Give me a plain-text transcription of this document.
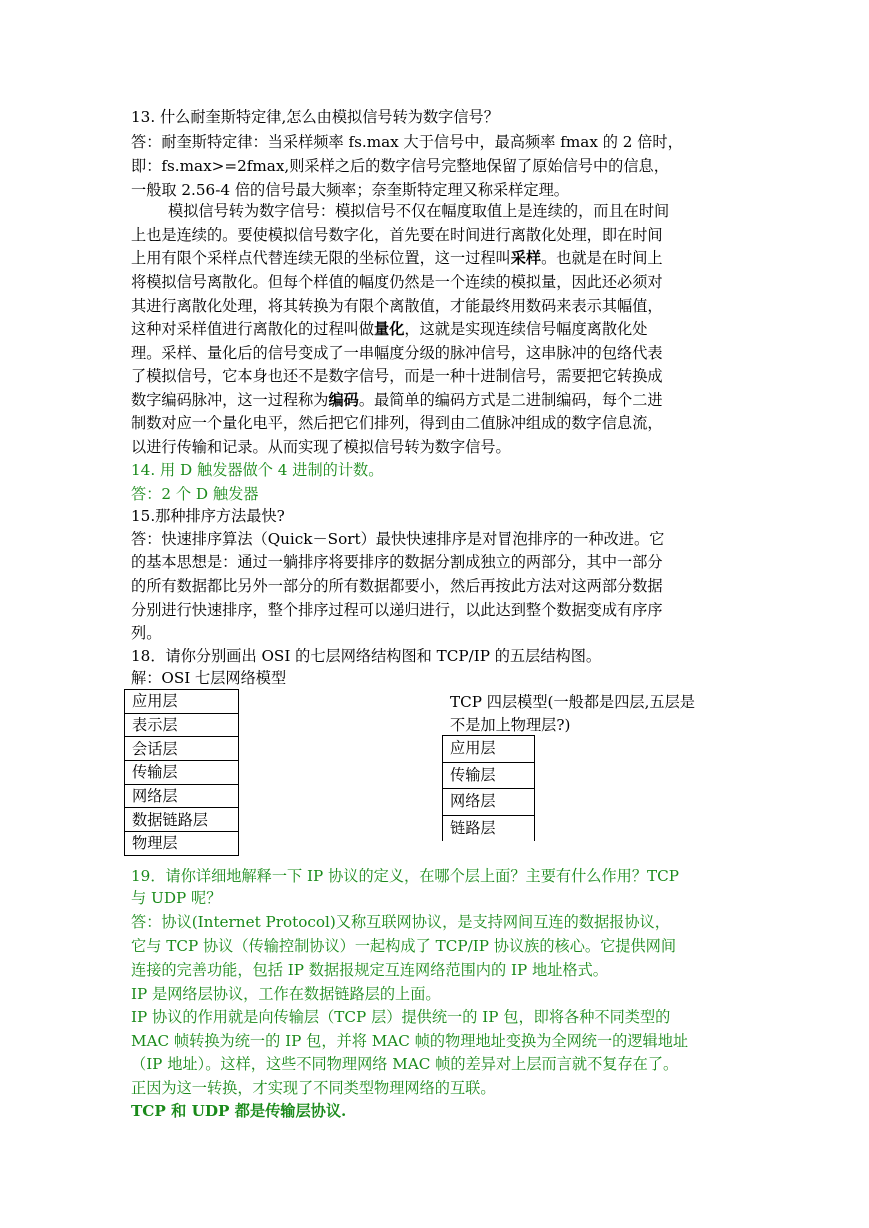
13. 什么耐奎斯特定律,怎么由模拟信号转为数字信号？
答：耐奎斯特定律：当采样频率 fs.max 大于信号中，最高频率 fmax 的 2 倍时，
即：fs.max>=2fmax,则采样之后的数字信号完整地保留了原始信号中的信息，
一般取 2.56-4 倍的信号最大频率；奈奎斯特定理又称采样定理。
模拟信号转为数字信号：模拟信号不仅在幅度取值上是连续的，而且在时间
上也是连续的。要使模拟信号数字化，首先要在时间进行离散化处理，即在时间
上用有限个采样点代替连续无限的坐标位置，这一过程叫采样。也就是在时间上
将模拟信号离散化。但每个样值的幅度仍然是一个连续的模拟量，因此还必须对
其进行离散化处理，将其转换为有限个离散值，才能最终用数码来表示其幅值，
这种对采样值进行离散化的过程叫做量化，这就是实现连续信号幅度离散化处
理。采样、量化后的信号变成了一串幅度分级的脉冲信号，这串脉冲的包络代表
了模拟信号，它本身也还不是数字信号，而是一种十进制信号，需要把它转换成
数字编码脉冲，这一过程称为编码。最简单的编码方式是二进制编码，每个二进
制数对应一个量化电平，然后把它们排列，得到由二值脉冲组成的数字信息流，
以进行传输和记录。从而实现了模拟信号转为数字信号。
14. 用 D 触发器做个 4 进制的计数。
答：2 个 D 触发器
15.那种排序方法最快?
答：快速排序算法（Quick－Sort）最快快速排序是对冒泡排序的一种改进。它
的基本思想是：通过一躺排序将要排序的数据分割成独立的两部分，其中一部分
的所有数据都比另外一部分的所有数据都要小，然后再按此方法对这两部分数据
分别进行快速排序，整个排序过程可以递归进行，以此达到整个数据变成有序序
列。
18．请你分别画出 OSI 的七层网络结构图和 TCP/IP 的五层结构图。
解：OSI 七层网络模型
应用层
表示层
会话层
传输层
网络层
数据链路层
物理层
TCP 四层模型(一般都是四层,五层是
不是加上物理层?)
应用层
传输层
网络层
链路层
19．请你详细地解释一下 IP 协议的定义，在哪个层上面？主要有什么作用？TCP
与 UDP 呢？
答：协议(Internet Protocol)又称互联网协议，是支持网间互连的数据报协议，
它与 TCP 协议（传输控制协议）一起构成了 TCP/IP 协议族的核心。它提供网间
连接的完善功能，包括 IP 数据报规定互连网络范围内的 IP 地址格式。
IP 是网络层协议，工作在数据链路层的上面。
IP 协议的作用就是向传输层（TCP 层）提供统一的 IP 包，即将各种不同类型的
MAC 帧转换为统一的 IP 包，并将 MAC 帧的物理地址变换为全网统一的逻辑地址
（IP 地址）。这样，这些不同物理网络 MAC 帧的差异对上层而言就不复存在了。
正因为这一转换，才实现了不同类型物理网络的互联。
TCP 和 UDP 都是传输层协议.
